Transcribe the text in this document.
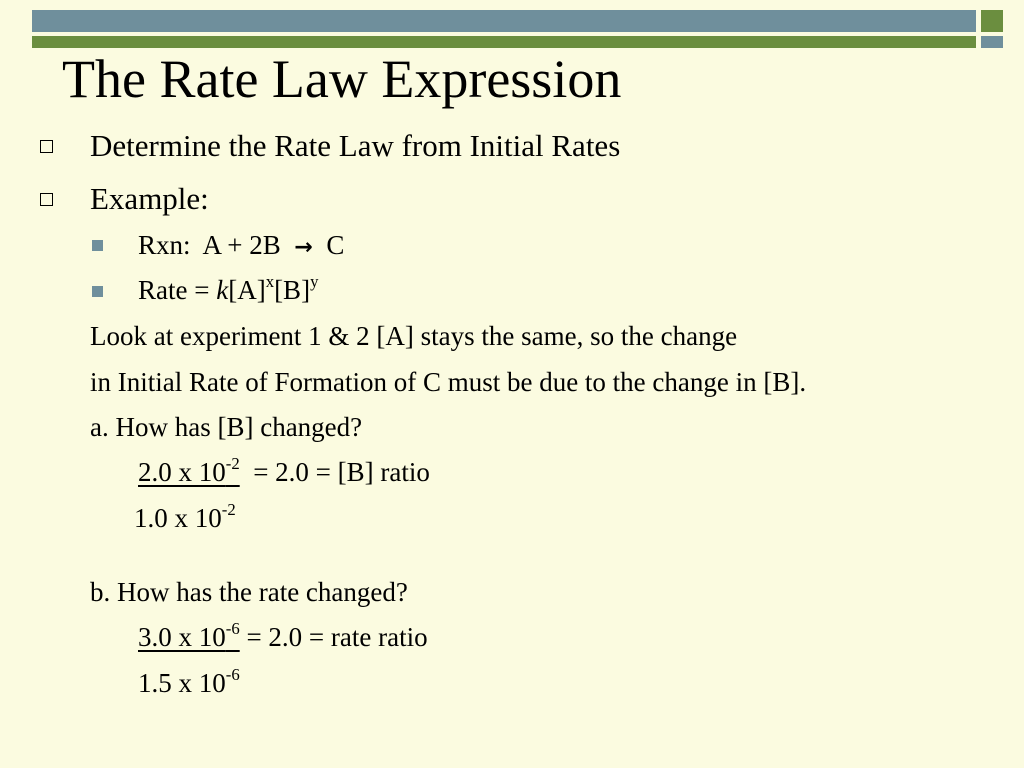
The Rate Law Expression
Determine the Rate Law from Initial Rates
Example:
Rxn: A + 2B → C
Rate = $k[A]^x[B]^y$
Look at experiment 1 & 2 [A] stays the same, so the change
in Initial Rate of Formation of C must be due to the change in [B].
a. How has [B] changed?
2.0 x $10^{-2} = 2.0 = [B]$ ratio
1.0 x $10^{-2}$
b. How has the rate changed?
3.0 x $10^{-6} = 2.0$ = rate ratio
1.5 x $10^{-6}$
